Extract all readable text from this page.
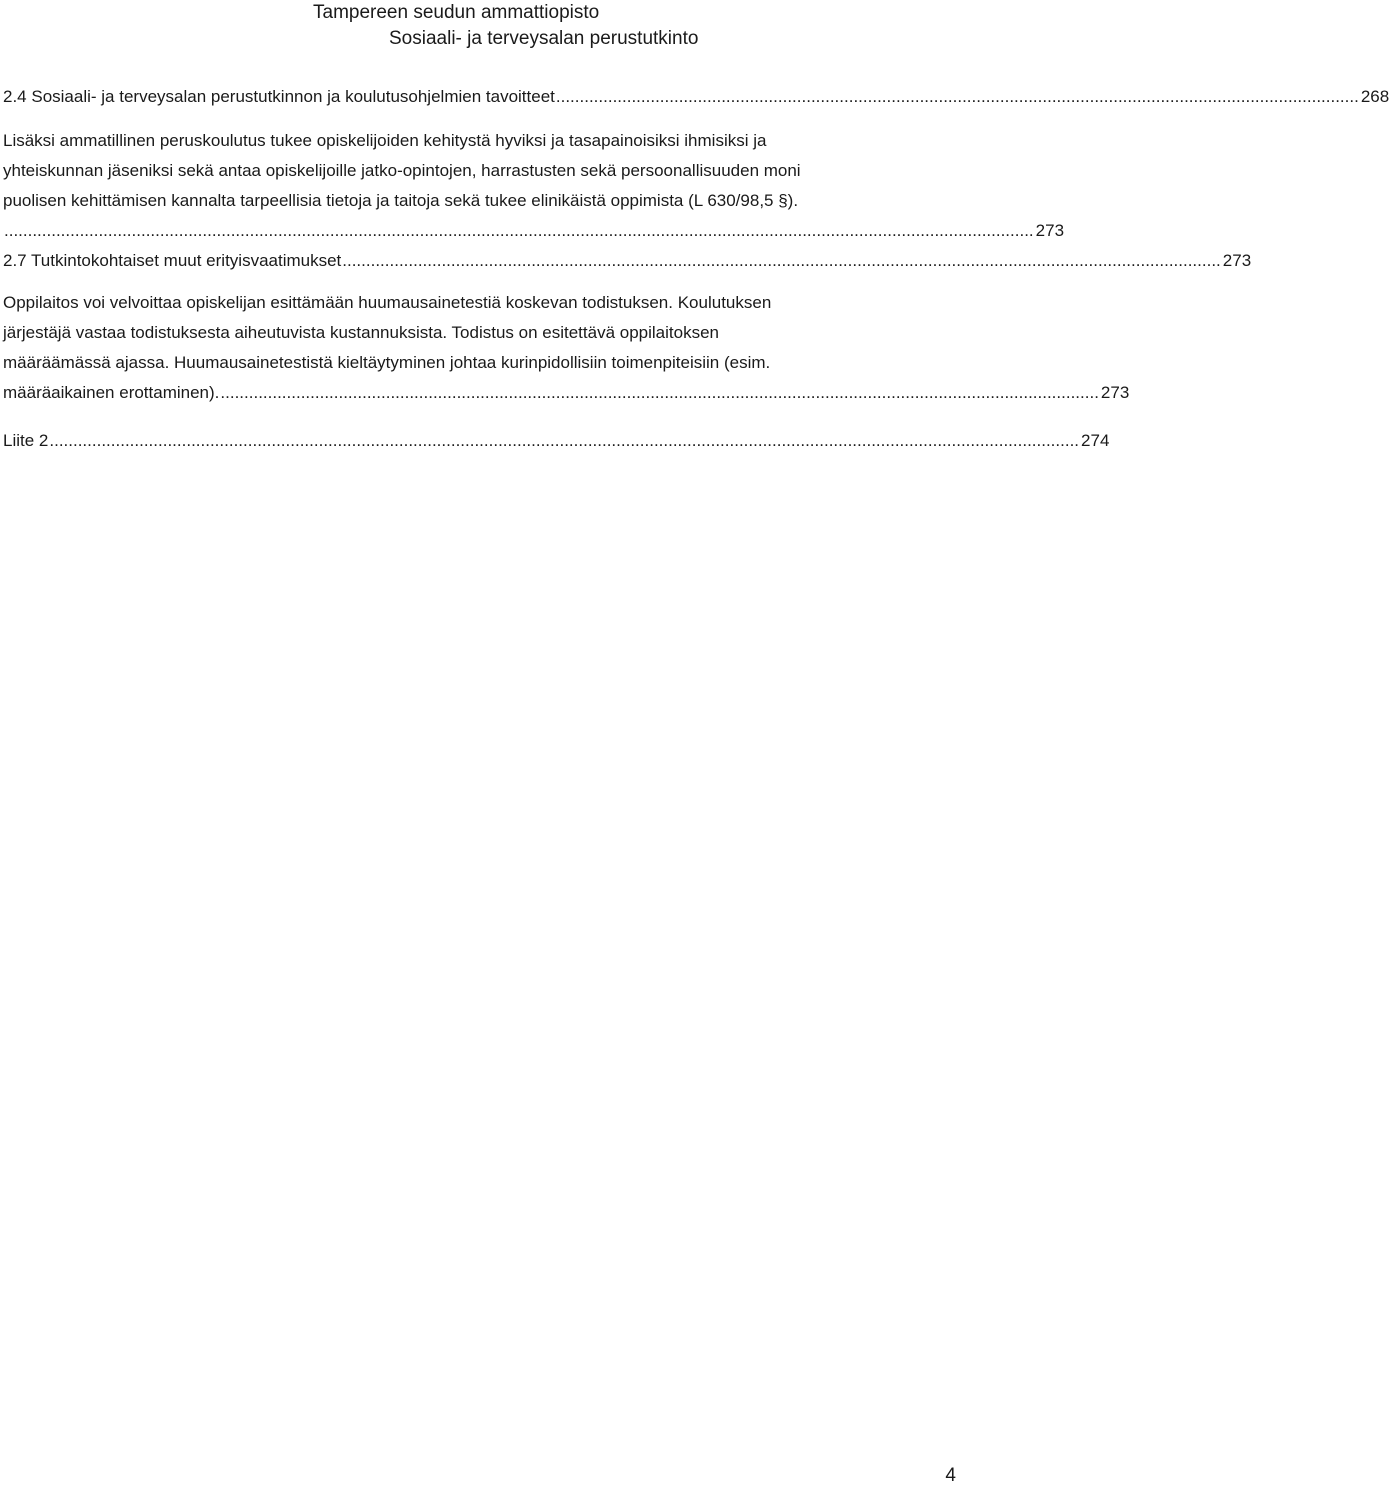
Tampereen seudun ammattiopisto
Sosiaali- ja terveysalan perustutkinto
2.4 Sosiaali- ja terveysalan perustutkinnon ja koulutusohjelmien tavoitteet .......................................................................................................................................................................... 268
Lisäksi ammatillinen peruskoulutus tukee opiskelijoiden kehitystä hyviksi ja tasapainoisiksi ihmisiksi ja
yhteiskunnan jäseniksi sekä antaa opiskelijoille jatko-opintojen, harrastusten sekä persoonallisuuden moni
puolisen kehittämisen kannalta tarpeellisia tietoja ja taitoja sekä tukee elinikäistä oppimista (L 630/98,5 §).
.......................................................................................................................................................................................................................... 273
2.7 Tutkintokohtaiset muut erityisvaatimukset .......................................................................................................................................................................................... 273
Oppilaitos voi velvoittaa opiskelijan esittämään huumausainetestiä koskevan todistuksen. Koulutuksen
järjestäjä vastaa todistuksesta aiheutuvista kustannuksista. Todistus on esitettävä oppilaitoksen
määräämässä ajassa. Huumausainetestistä kieltäytyminen johtaa kurinpidollisiin toimenpiteisiin (esim.
määräaikainen erottaminen). .......................................................................................................................................................................................... 273
Liite 2 .......................................................................................................................................................................................................................... 274
4
